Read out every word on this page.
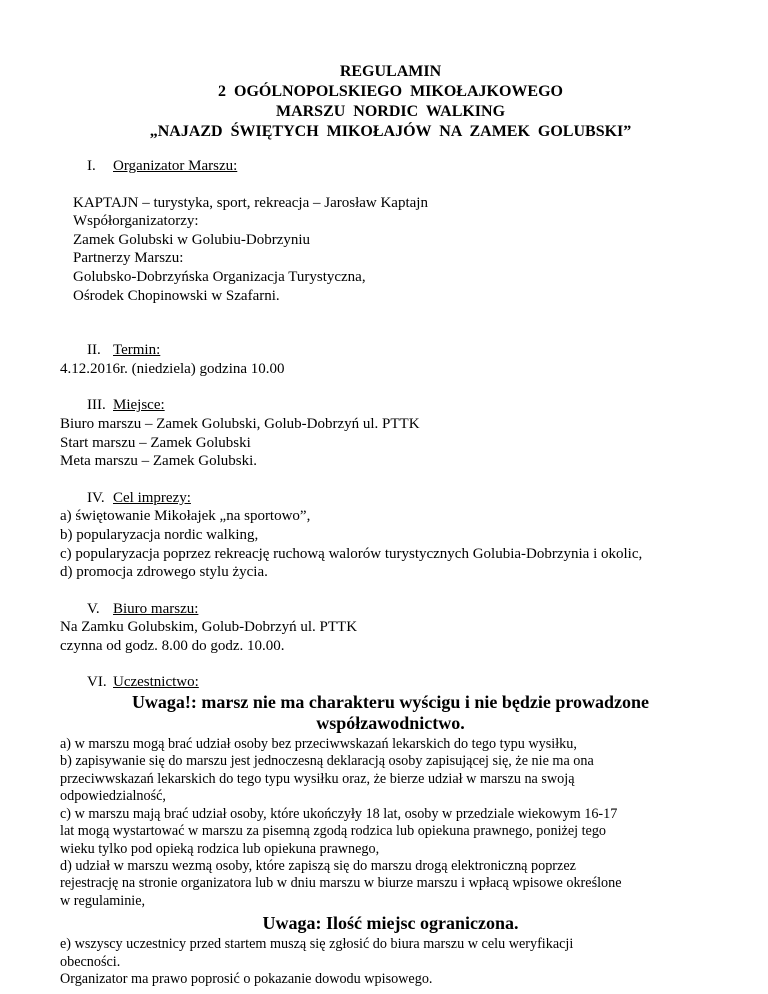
REGULAMIN
2  OGÓLNOPOLSKIEGO  MIKOŁAJKOWEGO
MARSZU  NORDIC  WALKING
„NAJAZD  ŚWIĘTYCH  MIKOŁAJÓW  NA  ZAMEK  GOLUBSKI”
I.	Organizator Marszu:
KAPTAJN – turystyka, sport, rekreacja – Jarosław Kaptajn
Współorganizatorzy:
Zamek Golubski w Golubiu-Dobrzyniu
Partnerzy Marszu:
Golubsko-Dobrzyńska Organizacja Turystyczna,
Ośrodek Chopinowski w Szafarni.
II. Termin:
4.12.2016r. (niedziela) godzina 10.00
III. Miejsce:
Biuro marszu – Zamek Golubski, Golub-Dobrzyń ul. PTTK
Start marszu – Zamek Golubski
Meta marszu – Zamek Golubski.
IV. Cel imprezy:
a) świętowanie Mikołajek „na sportowo”,
b) popularyzacja nordic walking,
c) popularyzacja poprzez rekreację ruchową walorów turystycznych Golubia-Dobrzynia i okolic,
d) promocja zdrowego stylu życia.
V. Biuro marszu:
Na Zamku Golubskim, Golub-Dobrzyń ul. PTTK
czynna od godz. 8.00 do godz. 10.00.
VI. Uczestnictwo:
Uwaga!: marsz nie ma charakteru wyścigu i nie będzie prowadzone
współzawodnictwo.
a) w marszu mogą brać udział osoby bez przeciwwskazań lekarskich do tego typu wysiłku,
b) zapisywanie się do marszu jest jednoczesną deklaracją osoby zapisującej się, że nie ma ona
przeciwwskazań lekarskich do tego typu wysiłku oraz, że bierze udział w marszu na swoją
odpowiedzialność,
c) w marszu mają brać udział osoby, które ukończyły 18 lat, osoby w przedziale wiekowym 16-17
lat mogą wystartować w marszu za pisemną zgodą rodzica lub opiekuna prawnego, poniżej tego
wieku tylko pod opieką rodzica lub opiekuna prawnego,
d) udział w marszu wezmą osoby, które zapiszą się do marszu drogą elektroniczną poprzez
rejestrację na stronie organizatora lub w dniu marszu w biurze marszu i wpłacą wpisowe określone
w regulaminie,
Uwaga: Ilość miejsc ograniczona.
e) wszyscy uczestnicy przed startem muszą się zgłosić do biura marszu w celu weryfikacji
obecności.
Organizator ma prawo poprosić o pokazanie dowodu wpisowego.
